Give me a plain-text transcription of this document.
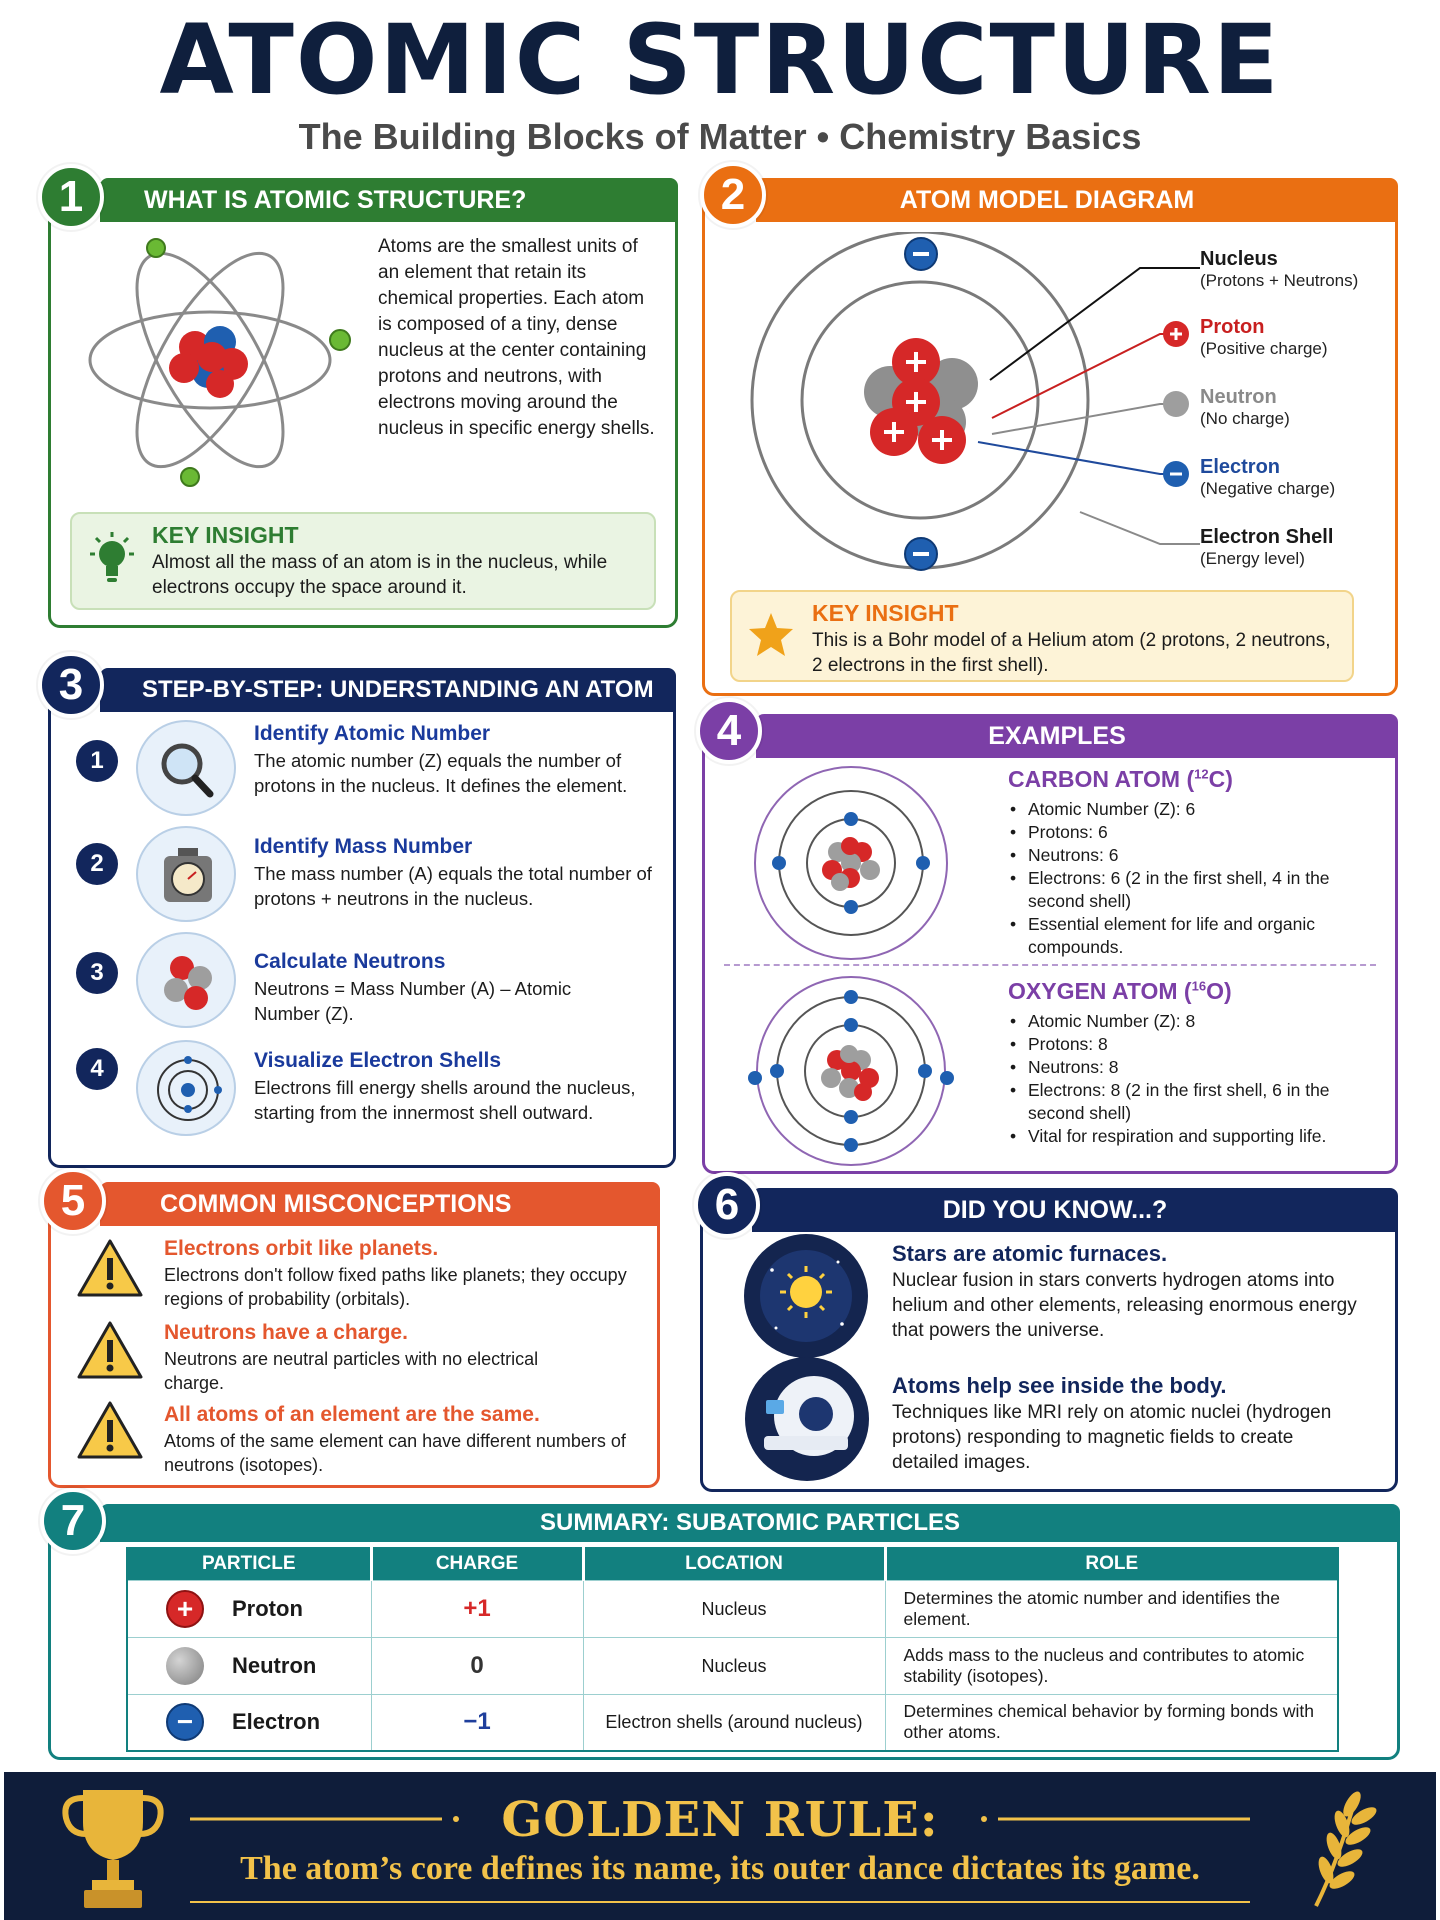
ATOMIC STRUCTURE
The Building Blocks of Matter • Chemistry Basics
WHAT IS ATOMIC STRUCTURE?
1
Atoms are the smallest units of an element that retain its chemical properties. Each atom is composed of a tiny, dense nucleus at the center containing protons and neutrons, with electrons moving around the nucleus in specific energy shells.
KEY INSIGHT
Almost all the mass of an atom is in the nucleus, while electrons occupy the space around it.
ATOM MODEL DIAGRAM
2
Nucleus
(Protons + Neutrons)
Proton
(Positive charge)
Neutron
(No charge)
Electron
(Negative charge)
Electron Shell
(Energy level)
KEY INSIGHT
This is a Bohr model of a Helium atom (2 protons, 2 neutrons, 2 electrons in the first shell).
STEP-BY-STEP: UNDERSTANDING AN ATOM
3
1
Identify Atomic Number
The atomic number (Z) equals the number of protons in the nucleus. It defines the element.
2
Identify Mass Number
The mass number (A) equals the total number of protons + neutrons in the nucleus.
3	Calculate Neutrons
Neutrons = Mass Number (A) – Atomic Number (Z).
4	Visualize Electron Shells
Electrons fill energy shells around the nucleus, starting from the innermost shell outward.
EXAMPLES
4
CARBON ATOM ($^{12}$C)
• Atomic Number (Z): 6
• Protons: 6
• Neutrons: 6
• Electrons: 6 (2 in the first shell, 4 in the second shell)
• Essential element for life and organic compounds.
OXYGEN ATOM ($^{16}$O)
• Atomic Number (Z): 8
• Protons: 8
• Neutrons: 8
• Electrons: 8 (2 in the first shell, 6 in the second shell)
• Vital for respiration and supporting life.
COMMON MISCONCEPTIONS
5
Electrons orbit like planets.
Electrons don't follow fixed paths like planets; they occupy regions of probability (orbitals).
Neutrons have a charge.
Neutrons are neutral particles with no electrical charge.
All atoms of an element are the same.
Atoms of the same element can have different numbers of neutrons (isotopes).
DID YOU KNOW...?
6
Stars are atomic furnaces.
Nuclear fusion in stars converts hydrogen atoms into helium and other elements, releasing enormous energy that powers the universe.
Atoms help see inside the body.
Techniques like MRI rely on atomic nuclei (hydrogen protons) responding to magnetic fields to create detailed images.
SUMMARY: SUBATOMIC PARTICLES
7
PARTICLE	CHARGE	LOCATION	ROLE

+ Proton	+1	Nucleus	Determines the atomic number and identifies the element.

Neutron	0	Nucleus	Adds mass to the nucleus and contributes to atomic stability (isotopes).

− Electron	−1	Electron shells (around nucleus)	Determines chemical behavior by forming bonds with other atoms.
GOLDEN RULE:
The atom’s core defines its name, its outer dance dictates its game.
